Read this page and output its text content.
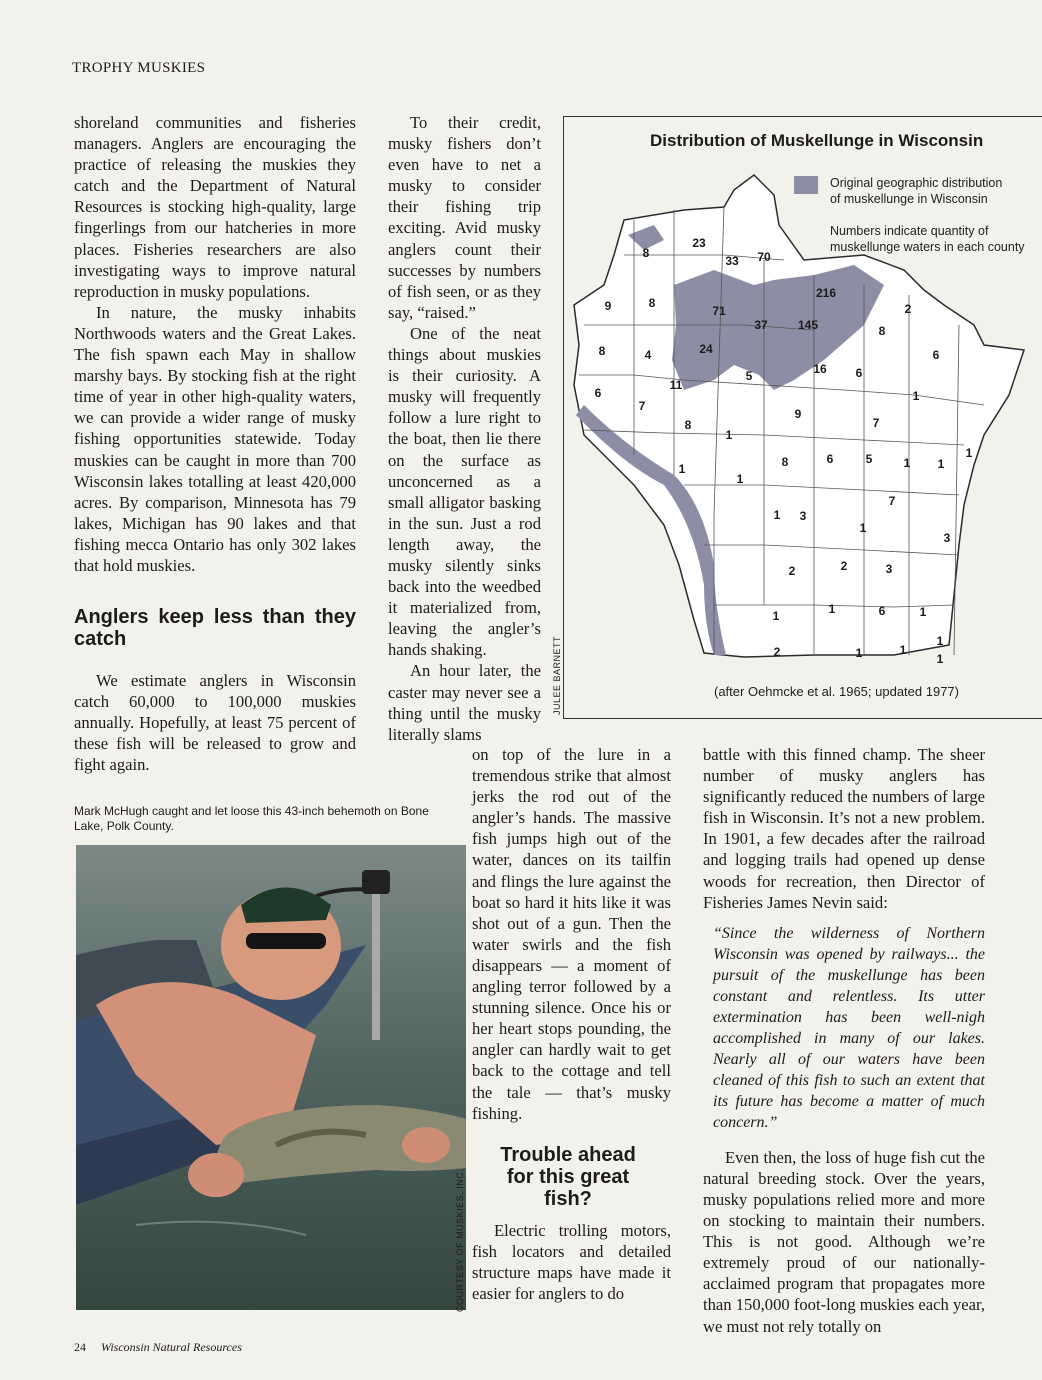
TROPHY MUSKIES

shoreland communities and fisheries managers. Anglers are encouraging the practice of releasing the muskies they catch and the Department of Natural Resources is stocking high-quality, large fingerlings from our hatcheries in more places. Fisheries researchers are also investigating ways to improve natural reproduction in musky populations.

In nature, the musky inhabits Northwoods waters and the Great Lakes. The fish spawn each May in shallow marshy bays. By stocking fish at the right time of year in other high-quality waters, we can provide a wider range of musky fishing opportunities statewide. Today muskies can be caught in more than 700 Wisconsin lakes totalling at least 420,000 acres. By comparison, Minnesota has 79 lakes, Michigan has 90 lakes and that fishing mecca Ontario has only 302 lakes that hold muskies.

Anglers keep less than they catch

We estimate anglers in Wisconsin catch 60,000 to 100,000 muskies annually. Hopefully, at least 75 percent of these fish will be released to grow and fight again.

To their credit, musky fishers don’t even have to net a musky to consider their fishing trip exciting. Avid musky anglers count their successes by numbers of fish seen, or as they say, “raised.”

One of the neat things about muskies is their curiosity. A musky will frequently follow a lure right to the boat, then lie there on the surface as unconcerned as a small alligator basking in the sun. Just a rod length away, the musky silently sinks back into the weedbed it materialized from, leaving the angler’s hands shaking.

An hour later, the caster may never see a thing until the musky literally slams

on top of the lure in a tremendous strike that almost jerks the rod out of the angler’s hands. The massive fish jumps high out of the water, dances on its tailfin and flings the lure against the boat so hard it hits like it was shot out of a gun. Then the water swirls and the fish disappears — a moment of angling terror followed by a stunning silence. Once his or her heart stops pounding, the angler can hardly wait to get back to the cottage and tell the tale — that’s musky fishing.

Trouble ahead for this great fish?

Electric trolling motors, fish locators and detailed structure maps have made it easier for anglers to do

battle with this finned champ. The sheer number of musky anglers has significantly reduced the numbers of large fish in Wisconsin. It’s not a new problem. In 1901, a few decades after the railroad and logging trails had opened up dense woods for recreation, then Director of Fisheries James Nevin said:

“Since the wilderness of Northern Wisconsin was opened by railways... the pursuit of the muskellunge has been constant and relentless. Its utter extermination has been well-nigh accomplished in many of our lakes. Nearly all of our waters have been cleaned of this fish to such an extent that its future has become a matter of much concern.”

Even then, the loss of huge fish cut the natural breeding stock. Over the years, musky populations relied more and more on stocking to maintain their numbers. This is not good. Although we’re extremely proud of our nationally-acclaimed program that propagates more than 150,000 foot-long muskies each year, we must not rely totally on

Mark McHugh caught and let loose this 43-inch behemoth on Bone Lake, Polk County.
COURTESY OF MUSKIES, INC.
Distribution of Muskellunge in Wisconsin
JULEE BARNETT
Original geographic distribution
of muskellunge in Wisconsin
Numbers indicate quantity of
muskellunge waters in each county
(after Oehmcke et al. 1965; updated 1977)
23
8
33 70
9	8
71
216
2
37	145	8
8	4	24
16
6
6
5
11
6	1
9
7
7
8
1
8	6	5	1 1
1
1
1
7
3
1
1
3
2	2	3
1	1	6	1
2	1	1
1
1
24 Wisconsin Natural Resources
